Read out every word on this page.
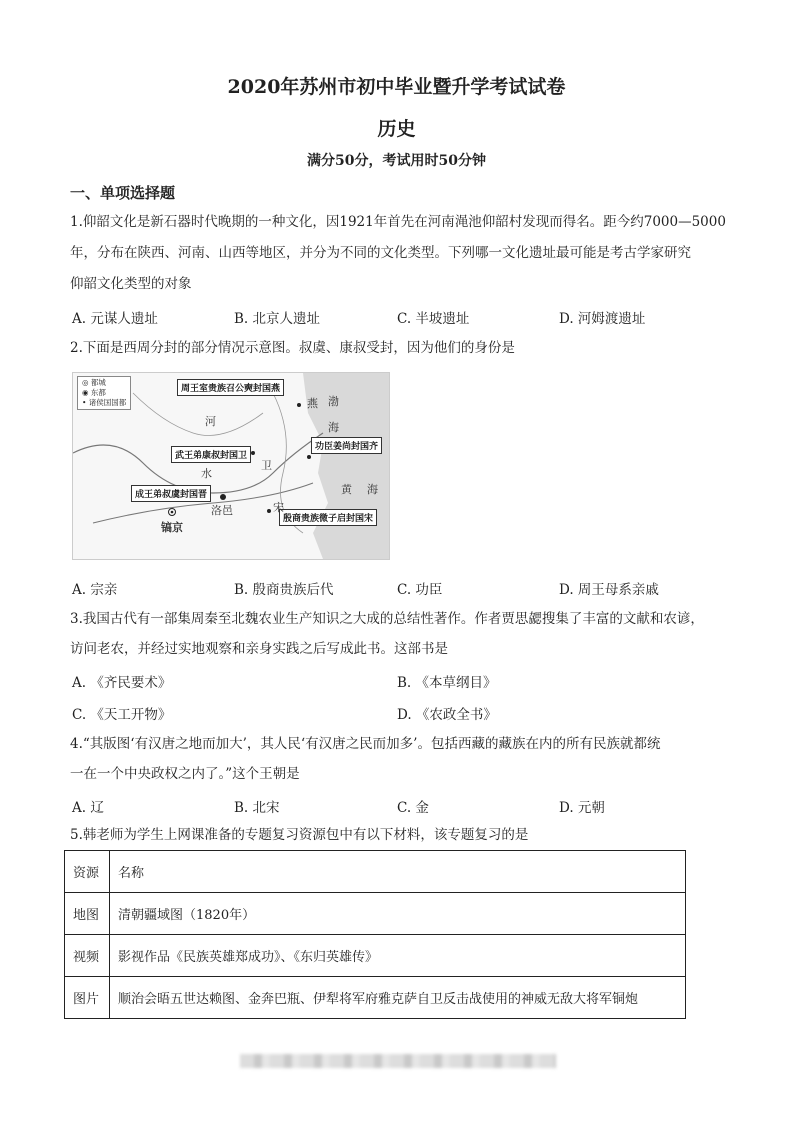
2020年苏州市初中毕业暨升学考试试卷
历史
满分50分，考试用时50分钟
一、单项选择题
1.仰韶文化是新石器时代晚期的一种文化，因1921年首先在河南渑池仰韶村发现而得名。距今约7000—5000
年，分布在陕西、河南、山西等地区，并分为不同的文化类型。下列哪一文化遗址最可能是考古学家研究
仰韶文化类型的对象
A. 元谋人遗址	B. 北京人遗址	C. 半坡遗址	D. 河姆渡遗址
2.下面是西周分封的部分情况示意图。叔虞、康叔受封，因为他们的身份是
◎ 都城
◉ 东都
• 诸侯国国都
周王室贵族召公奭封国燕
功臣姜尚封国齐
武王弟康叔封国卫
成王弟叔虞封国晋
殷商贵族微子启封国宋
镐京
洛邑
渤
海
黄 海
河
水
燕
卫
宋
A. 宗亲	B. 殷商贵族后代	C. 功臣	D. 周王母系亲戚
3.我国古代有一部集周秦至北魏农业生产知识之大成的总结性著作。作者贾思勰搜集了丰富的文献和农谚，
访问老农，并经过实地观察和亲身实践之后写成此书。这部书是
A. 《齐民要术》	B. 《本草纲目》
C. 《天工开物》	D. 《农政全书》
4.“其版图‘有汉唐之地而加大’，其人民‘有汉唐之民而加多’。包括西藏的藏族在内的所有民族就都统
一在一个中央政权之内了。”这个王朝是
A. 辽	B. 北宋	C. 金	D. 元朝
5.韩老师为学生上网课准备的专题复习资源包中有以下材料，该专题复习的是
资源	名称
地图	清朝疆域图（1820年）
视频	影视作品《民族英雄郑成功》、《东归英雄传》
图片	顺治会晤五世达赖图、金奔巴瓶、伊犁将军府雅克萨自卫反击战使用的神威无敌大将军铜炮
